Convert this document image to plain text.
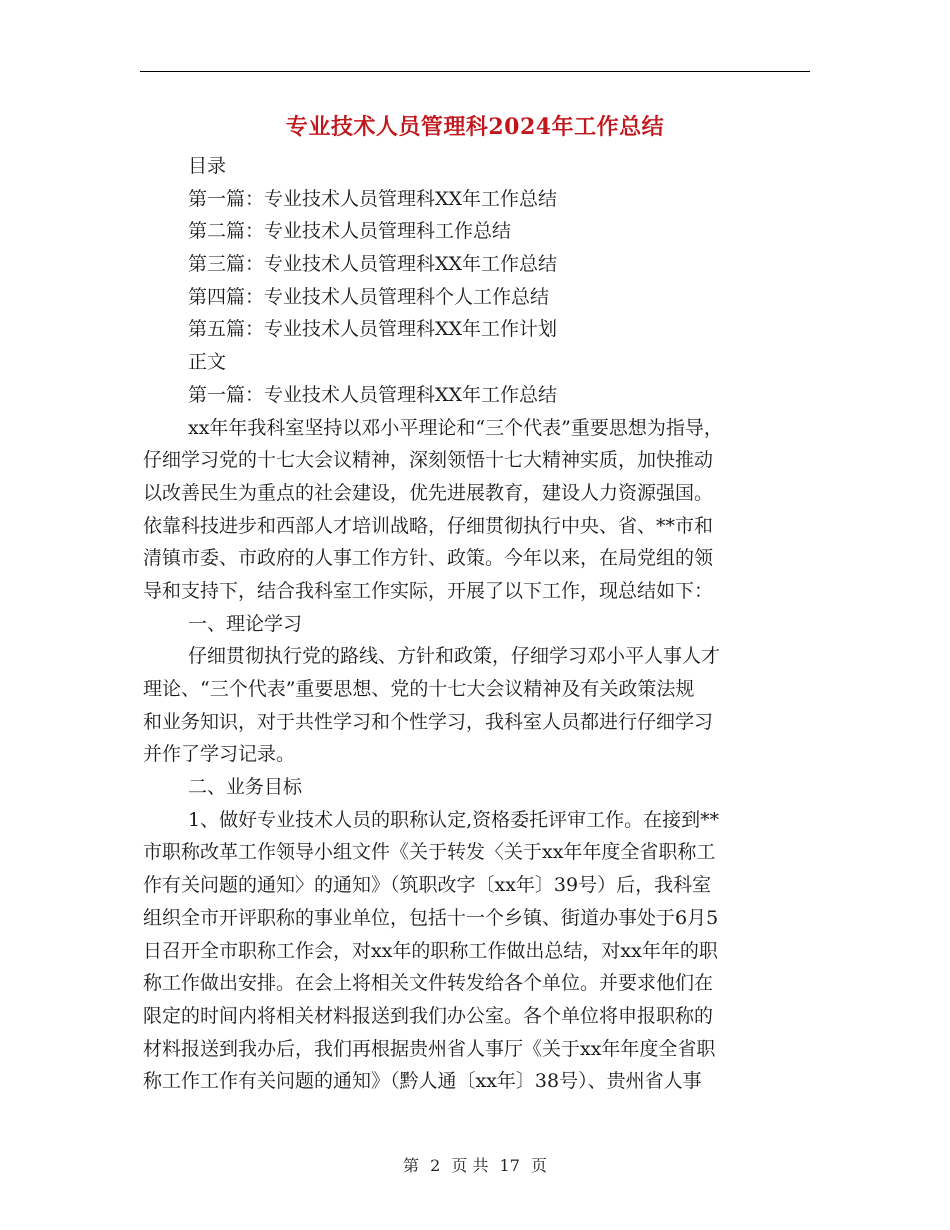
专业技术人员管理科2024年工作总结
目录
第一篇：专业技术人员管理科XX年工作总结
第二篇：专业技术人员管理科工作总结
第三篇：专业技术人员管理科XX年工作总结
第四篇：专业技术人员管理科个人工作总结
第五篇：专业技术人员管理科XX年工作计划
正文
第一篇：专业技术人员管理科XX年工作总结
xx年年我科室坚持以邓小平理论和“三个代表”重要思想为指导，
仔细学习党的十七大会议精神，深刻领悟十七大精神实质，加快推动
以改善民生为重点的社会建设，优先进展教育，建设人力资源强国。
依靠科技进步和西部人才培训战略，仔细贯彻执行中央、省、**市和
清镇市委、市政府的人事工作方针、政策。今年以来，在局党组的领
导和支持下，结合我科室工作实际，开展了以下工作，现总结如下：
一、理论学习
仔细贯彻执行党的路线、方针和政策，仔细学习邓小平人事人才
理论、“三个代表”重要思想、党的十七大会议精神及有关政策法规
和业务知识，对于共性学习和个性学习，我科室人员都进行仔细学习
并作了学习记录。
二、业务目标
1、做好专业技术人员的职称认定,资格委托评审工作。在接到**
市职称改革工作领导小组文件《关于转发〈关于xx年年度全省职称工
作有关问题的通知〉的通知》（筑职改字〔xx年〕39号）后，我科室
组织全市开评职称的事业单位，包括十一个乡镇、街道办事处于6月5
日召开全市职称工作会，对xx年的职称工作做出总结，对xx年年的职
称工作做出安排。在会上将相关文件转发给各个单位。并要求他们在
限定的时间内将相关材料报送到我们办公室。各个单位将申报职称的
材料报送到我办后，我们再根据贵州省人事厅《关于xx年年度全省职
称工作工作有关问题的通知》（黔人通〔xx年〕38号）、贵州省人事
第 2 页 共 17 页
